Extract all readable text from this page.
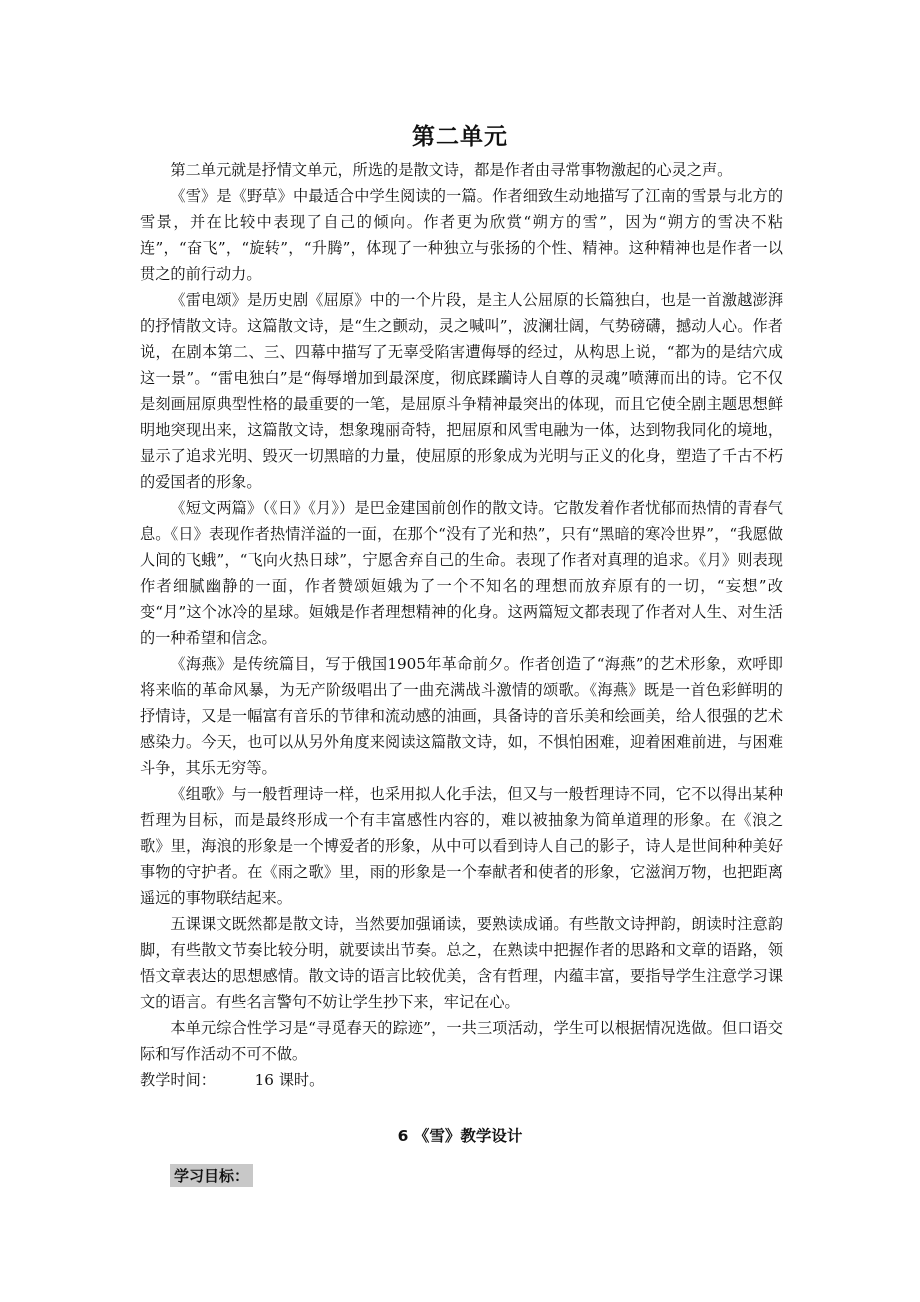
第二单元

第二单元就是抒情文单元，所选的是散文诗，都是作者由寻常事物激起的心灵之声。

《雪》是《野草》中最适合中学生阅读的一篇。作者细致生动地描写了江南的雪景与北方的雪景，并在比较中表现了自己的倾向。作者更为欣赏“朔方的雪”，因为“朔方的雪决不粘连”，“奋飞”，“旋转”，“升腾”，体现了一种独立与张扬的个性、精神。这种精神也是作者一以贯之的前行动力。

《雷电颂》是历史剧《屈原》中的一个片段，是主人公屈原的长篇独白，也是一首激越澎湃的抒情散文诗。这篇散文诗，是“生之颤动，灵之喊叫”，波澜壮阔，气势磅礴，撼动人心。作者说，在剧本第二、三、四幕中描写了无辜受陷害遭侮辱的经过，从构思上说，“都为的是结穴成这一景”。“雷电独白”是“侮辱增加到最深度，彻底蹂躏诗人自尊的灵魂”喷薄而出的诗。它不仅是刻画屈原典型性格的最重要的一笔，是屈原斗争精神最突出的体现，而且它使全剧主题思想鲜明地突现出来，这篇散文诗，想象瑰丽奇特，把屈原和风雪电融为一体，达到物我同化的境地，显示了追求光明、毁灭一切黑暗的力量，使屈原的形象成为光明与正义的化身，塑造了千古不朽的爱国者的形象。

《短文两篇》（《日》《月》）是巴金建国前创作的散文诗。它散发着作者忧郁而热情的青春气息。《日》表现作者热情洋溢的一面，在那个“没有了光和热”，只有“黑暗的寒冷世界”，“我愿做人间的飞蛾”，“飞向火热日球”，宁愿舍弃自己的生命。表现了作者对真理的追求。《月》则表现作者细腻幽静的一面，作者赞颂姮娥为了一个不知名的理想而放弃原有的一切，“妄想”改变“月”这个冰冷的星球。姮娥是作者理想精神的化身。这两篇短文都表现了作者对人生、对生活的一种希望和信念。

《海燕》是传统篇目，写于俄国1905年革命前夕。作者创造了“海燕”的艺术形象，欢呼即将来临的革命风暴，为无产阶级唱出了一曲充满战斗激情的颂歌。《海燕》既是一首色彩鲜明的抒情诗，又是一幅富有音乐的节律和流动感的油画，具备诗的音乐美和绘画美，给人很强的艺术感染力。今天，也可以从另外角度来阅读这篇散文诗，如，不惧怕困难，迎着困难前进，与困难斗争，其乐无穷等。

《组歌》与一般哲理诗一样，也采用拟人化手法，但又与一般哲理诗不同，它不以得出某种哲理为目标，而是最终形成一个有丰富感性内容的，难以被抽象为简单道理的形象。在《浪之歌》里，海浪的形象是一个博爱者的形象，从中可以看到诗人自己的影子，诗人是世间种种美好事物的守护者。在《雨之歌》里，雨的形象是一个奉献者和使者的形象，它滋润万物，也把距离遥远的事物联结起来。

五课课文既然都是散文诗，当然要加强诵读，要熟读成诵。有些散文诗押韵，朗读时注意韵脚，有些散文节奏比较分明，就要读出节奏。总之，在熟读中把握作者的思路和文章的语路，领悟文章表达的思想感情。散文诗的语言比较优美，含有哲理，内蕴丰富，要指导学生注意学习课文的语言。有些名言警句不妨让学生抄下来，牢记在心。

本单元综合性学习是“寻觅春天的踪迹”，一共三项活动，学生可以根据情况选做。但口语交际和写作活动不可不做。

教学时间：	16 课时。

6 《雪》教学设计
学习目标：
